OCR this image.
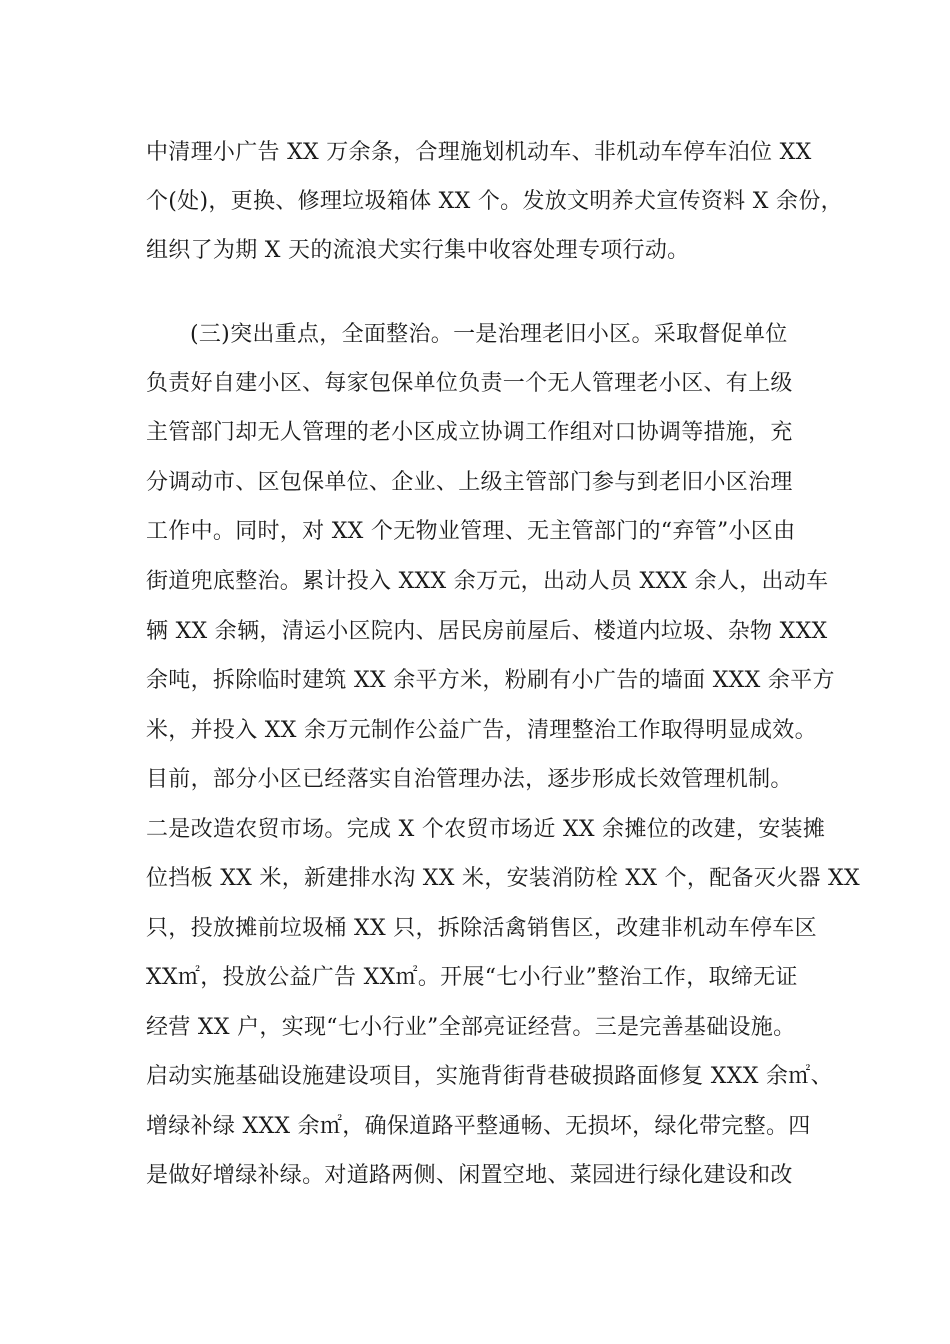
中清理小广告 XX 万余条，合理施划机动车、非机动车停车泊位 XX
个(处)，更换、修理垃圾箱体 XX 个。发放文明养犬宣传资料 X 余份，
组织了为期 X 天的流浪犬实行集中收容处理专项行动。
(三)突出重点，全面整治。一是治理老旧小区。采取督促单位
负责好自建小区、每家包保单位负责一个无人管理老小区、有上级
主管部门却无人管理的老小区成立协调工作组对口协调等措施，充
分调动市、区包保单位、企业、上级主管部门参与到老旧小区治理
工作中。同时，对 XX 个无物业管理、无主管部门的“弃管”小区由
街道兜底整治。累计投入 XXX 余万元，出动人员 XXX 余人，出动车
辆 XX 余辆，清运小区院内、居民房前屋后、楼道内垃圾、杂物 XXX
余吨，拆除临时建筑 XX 余平方米，粉刷有小广告的墙面 XXX 余平方
米，并投入 XX 余万元制作公益广告，清理整治工作取得明显成效。
目前，部分小区已经落实自治管理办法，逐步形成长效管理机制。
二是改造农贸市场。完成 X 个农贸市场近 XX 余摊位的改建，安装摊
位挡板 XX 米，新建排水沟 XX 米，安装消防栓 XX 个，配备灭火器 XX
只，投放摊前垃圾桶 XX 只，拆除活禽销售区，改建非机动车停车区
XX㎡，投放公益广告 XX㎡。开展“七小行业”整治工作，取缔无证
经营 XX 户，实现“七小行业”全部亮证经营。三是完善基础设施。
启动实施基础设施建设项目，实施背街背巷破损路面修复 XXX 余㎡、
增绿补绿 XXX 余㎡，确保道路平整通畅、无损坏，绿化带完整。四
是做好增绿补绿。对道路两侧、闲置空地、菜园进行绿化建设和改
